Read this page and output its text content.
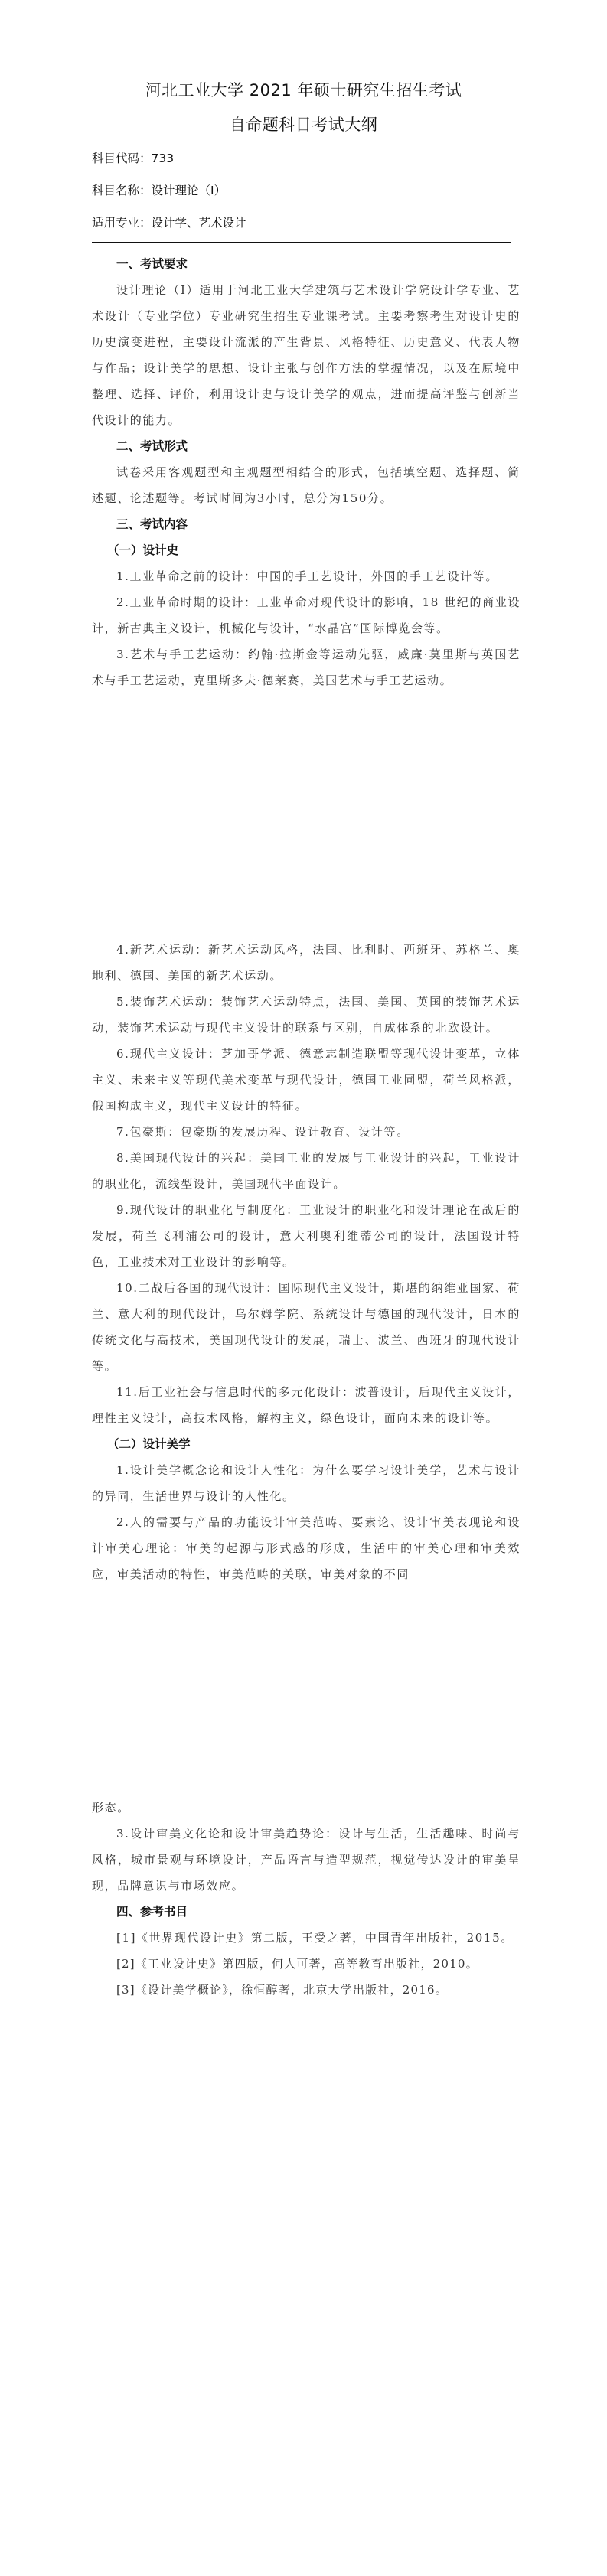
河北工业大学 2021 年硕士研究生招生考试
自命题科目考试大纲
科目代码：733
科目名称：设计理论（Ⅰ）
适用专业：设计学、艺术设计
一、考试要求

设计理论（Ⅰ）适用于河北工业大学建筑与艺术设计学院设计学专业、艺术设计（专业学位）专业研究生招生专业课考试。主要考察考生对设计史的历史演变进程，主要设计流派的产生背景、风格特征、历史意义、代表人物与作品；设计美学的思想、设计主张与创作方法的掌握情况，以及在原境中整理、选择、评价，利用设计史与设计美学的观点，进而提高评鉴与创新当代设计的能力。

二、考试形式

试卷采用客观题型和主观题型相结合的形式，包括填空题、选择题、简述题、论述题等。考试时间为3小时，总分为150分。

三、考试内容
（一）设计史

1.工业革命之前的设计：中国的手工艺设计，外国的手工艺设计等。

2.工业革命时期的设计：工业革命对现代设计的影响，18 世纪的商业设计，新古典主义设计，机械化与设计，“水晶宫”国际博览会等。

3.艺术与手工艺运动：约翰·拉斯金等运动先驱，威廉·莫里斯与英国艺术与手工艺运动，克里斯多夫·德莱赛，美国艺术与手工艺运动。

4.新艺术运动：新艺术运动风格，法国、比利时、西班牙、苏格兰、奥地利、德国、美国的新艺术运动。

5.装饰艺术运动：装饰艺术运动特点，法国、美国、英国的装饰艺术运动，装饰艺术运动与现代主义设计的联系与区别，自成体系的北欧设计。

6.现代主义设计：芝加哥学派、德意志制造联盟等现代设计变革，立体主义、未来主义等现代美术变革与现代设计，德国工业同盟，荷兰风格派，俄国构成主义，现代主义设计的特征。

7.包豪斯：包豪斯的发展历程、设计教育、设计等。

8.美国现代设计的兴起：美国工业的发展与工业设计的兴起，工业设计的职业化，流线型设计，美国现代平面设计。

9.现代设计的职业化与制度化：工业设计的职业化和设计理论在战后的发展，荷兰飞利浦公司的设计，意大利奥利维蒂公司的设计，法国设计特色，工业技术对工业设计的影响等。

10.二战后各国的现代设计：国际现代主义设计，斯堪的纳维亚国家、荷兰、意大利的现代设计，乌尔姆学院、系统设计与德国的现代设计，日本的传统文化与高技术，美国现代设计的发展，瑞士、波兰、西班牙的现代设计等。

11.后工业社会与信息时代的多元化设计：波普设计，后现代主义设计，理性主义设计，高技术风格，解构主义，绿色设计，面向未来的设计等。

（二）设计美学

1.设计美学概念论和设计人性化：为什么要学习设计美学，艺术与设计的异同，生活世界与设计的人性化。

2.人的需要与产品的功能设计审美范畴、要素论、设计审美表现论和设计审美心理论：审美的起源与形式感的形成，生活中的审美心理和审美效应，审美活动的特性，审美范畴的关联，审美对象的不同

形态。

3.设计审美文化论和设计审美趋势论：设计与生活，生活趣味、时尚与风格，城市景观与环境设计，产品语言与造型规范，视觉传达设计的审美呈现，品牌意识与市场效应。

四、参考书目

[1]《世界现代设计史》第二版，王受之著，中国青年出版社，2015。

[2]《工业设计史》第四版，何人可著，高等教育出版社，2010。
[3]《设计美学概论》，徐恒醇著，北京大学出版社，2016。
